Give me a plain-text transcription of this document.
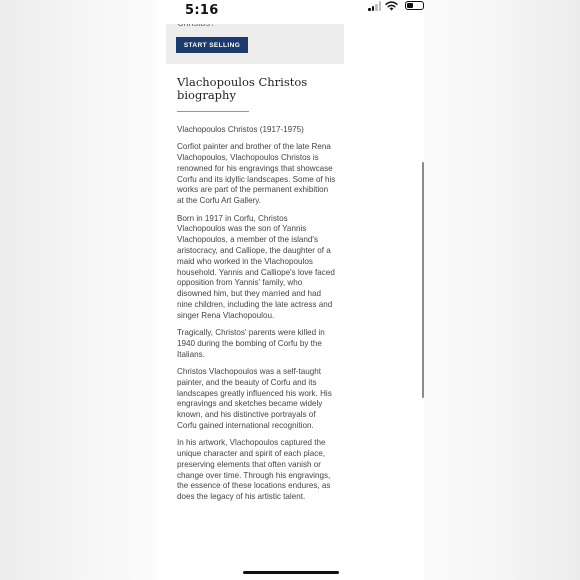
5:16
START SELLING
Vlachopoulos Christos biography

Vlachopoulos Christos (1917-1975)

Corfiot painter and brother of the late Rena Vlachopoulos, Vlachopoulos Christos is renowned for his engravings that showcase Corfu and its idyllic landscapes. Some of his works are part of the permanent exhibition at the Corfu Art Gallery.

Born in 1917 in Corfu, Christos Vlachopoulos was the son of Yannis Vlachopoulos, a member of the island's aristocracy, and Calliope, the daughter of a maid who worked in the Vlachopoulos household. Yannis and Calliope's love faced opposition from Yannis' family, who disowned him, but they married and had nine children, including the late actress and singer Rena Vlachopoulou.

Tragically, Christos' parents were killed in 1940 during the bombing of Corfu by the Italians.

Christos Vlachopoulos was a self-taught painter, and the beauty of Corfu and its landscapes greatly influenced his work. His engravings and sketches became widely known, and his distinctive portrayals of Corfu gained international recognition.

In his artwork, Vlachopoulos captured the unique character and spirit of each place, preserving elements that often vanish or change over time. Through his engravings, the essence of these locations endures, as does the legacy of his artistic talent.
